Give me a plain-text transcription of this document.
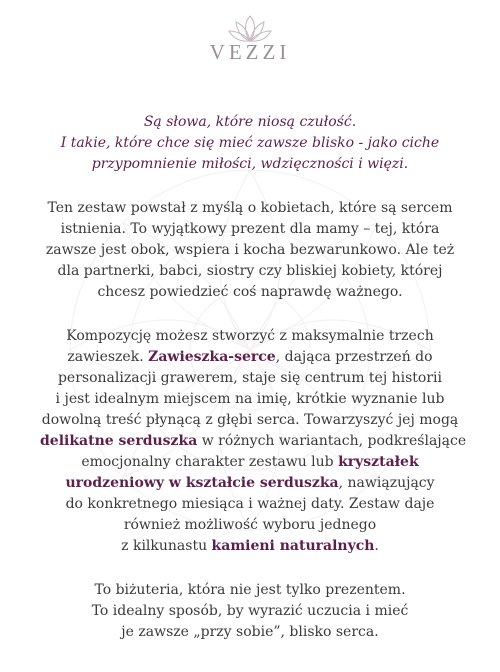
VEZZI

Są słowa, które niosą czułość.
I takie, które chce się mieć zawsze blisko - jako ciche
przypomnienie miłości, wdzięczności i więzi.

Ten zestaw powstał z myślą o kobietach, które są sercem
istnienia. To wyjątkowy prezent dla mamy – tej, która
zawsze jest obok, wspiera i kocha bezwarunkowo. Ale też
dla partnerki, babci, siostry czy bliskiej kobiety, której
chcesz powiedzieć coś naprawdę ważnego.

Kompozycję możesz stworzyć z maksymalnie trzech
zawieszek. Zawieszka-serce, dająca przestrzeń do
personalizacji grawerem, staje się centrum tej historii
i jest idealnym miejscem na imię, krótkie wyznanie lub
dowolną treść płynącą z głębi serca. Towarzyszyć jej mogą
delikatne serduszka w różnych wariantach, podkreślające
emocjonalny charakter zestawu lub kryształek
urodzeniowy w kształcie serduszka, nawiązujący
do konkretnego miesiąca i ważnej daty. Zestaw daje
również możliwość wyboru jednego
z kilkunastu kamieni naturalnych.

To biżuteria, która nie jest tylko prezentem.
To idealny sposób, by wyrazić uczucia i mieć
je zawsze „przy sobie”, blisko serca.
